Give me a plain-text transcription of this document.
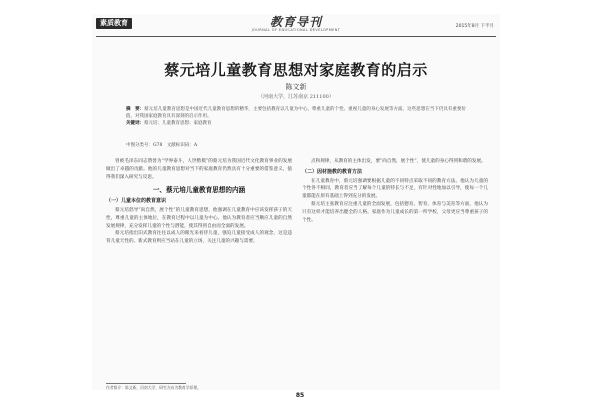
素质教育	教育导刊
JOURNAL OF EDUCATIONAL DEVELOPMENT
2015年8月 下半月
蔡元培儿童教育思想对家庭教育的启示
陈文新
（河南大学，江苏南京 211100）
摘　要：蔡元培儿童教育思想是中国近代儿童教育思想的精华，主要包括教育以儿童为中心、尊重儿童的个性、重视儿童的身心发展等方面。这些思想在当下仍具有重要价值，对我国家庭教育具有深刻的启示作用。
关键词：蔡元培；儿童教育思想；家庭教育
中图分类号：G78　文献标识码：A

曾被毛泽东同志赞誉为“学界泰斗，人世楷模”的蔡元培为我国近代文化教育事业的发展做出了卓越的贡献。他的儿童教育思想对当下的家庭教育仍然具有十分重要的借鉴意义，值得我们深入研究与反思。

一、蔡元培儿童教育思想的内涵
（一）儿童本位的教育意识

蔡元培倡导“尚自然，展个性”的儿童教育思想，他强调在儿童教育中应该发挥孩子的天性，尊重儿童的主体地位，在教育过程中以儿童为中心。他认为教育者应当顺应儿童的自然发展规律，充分发挥儿童的个性与潜能，使其得到自由而全面的发展。

蔡元培指出旧式教育往往以成人的眼光来看待儿童，强迫儿童接受成人的观念，这是违背儿童天性的。新式教育则应当站在儿童的立场，关注儿童的兴趣与需要。

点和规律，从教育的主体出发，要“尚自然，展个性”，使儿童的身心得到和谐的发展。

（二）因材施教的教育方法

在儿童教育中，蔡元培强调要根据儿童的不同特点采取不同的教育方法。他认为儿童的个性各不相同，教育者应当了解每个儿童的特长与不足，有针对性地加以引导，使每一个儿童都能在原有基础上得到充分的发展。

蔡元培主张教育应注重儿童的全面发展，包括德育、智育、体育与美育等方面，他认为只有这样才能培养出健全的人格。家庭作为儿童成长的第一所学校，父母更应当尊重孩子的个性。

作者简介：陈文新，河南大学，研究方向为教育学原理。
85
